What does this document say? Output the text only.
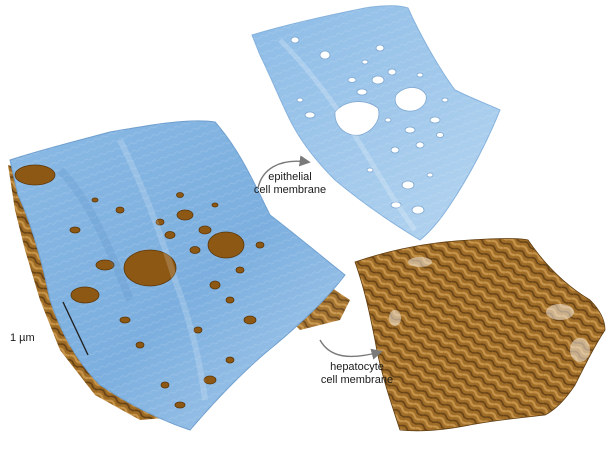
1 µm
epithelial
cell membrane
hepatocyte
cell membrane
